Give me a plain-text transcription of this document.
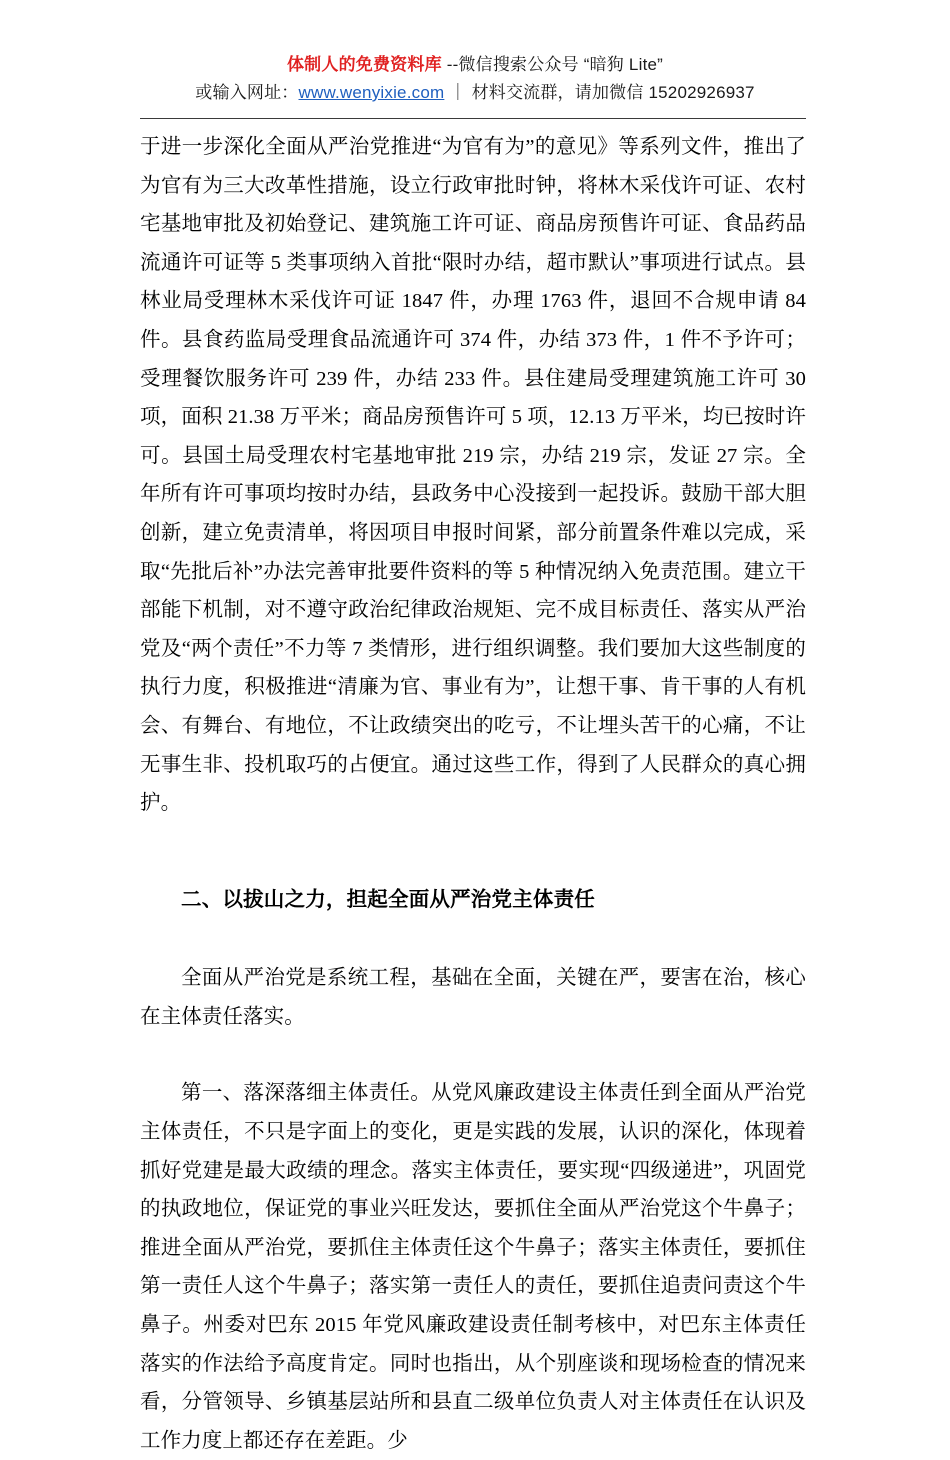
体制人的免费资料库 --微信搜索公众号 “暗狗 Lite”
或输入网址：www.wenyixie.com ｜ 材料交流群，请加微信 15202926937

于进一步深化全面从严治党推进“为官有为”的意见》等系列文件，推出了为官有为三大改革性措施，设立行政审批时钟，将林木采伐许可证、农村宅基地审批及初始登记、建筑施工许可证、商品房预售许可证、食品药品流通许可证等 5 类事项纳入首批“限时办结，超市默认”事项进行试点。县林业局受理林木采伐许可证 1847 件，办理 1763 件，退回不合规申请 84 件。县食药监局受理食品流通许可 374 件，办结 373 件，1 件不予许可；受理餐饮服务许可 239 件，办结 233 件。县住建局受理建筑施工许可 30 项，面积 21.38 万平米；商品房预售许可 5 项，12.13 万平米，均已按时许可。县国土局受理农村宅基地审批 219 宗，办结 219 宗，发证 27 宗。全年所有许可事项均按时办结，县政务中心没接到一起投诉。鼓励干部大胆创新，建立免责清单，将因项目申报时间紧，部分前置条件难以完成，采取“先批后补”办法完善审批要件资料的等 5 种情况纳入免责范围。建立干部能下机制，对不遵守政治纪律政治规矩、完不成目标责任、落实从严治党及“两个责任”不力等 7 类情形，进行组织调整。我们要加大这些制度的执行力度，积极推进“清廉为官、事业有为”，让想干事、肯干事的人有机会、有舞台、有地位，不让政绩突出的吃亏，不让埋头苦干的心痛，不让无事生非、投机取巧的占便宜。通过这些工作，得到了人民群众的真心拥护。

二、以拔山之力，担起全面从严治党主体责任

全面从严治党是系统工程，基础在全面，关键在严，要害在治，核心在主体责任落实。

第一、落深落细主体责任。从党风廉政建设主体责任到全面从严治党主体责任，不只是字面上的变化，更是实践的发展，认识的深化，体现着抓好党建是最大政绩的理念。落实主体责任，要实现“四级递进”，巩固党的执政地位，保证党的事业兴旺发达，要抓住全面从严治党这个牛鼻子；推进全面从严治党，要抓住主体责任这个牛鼻子；落实主体责任，要抓住第一责任人这个牛鼻子；落实第一责任人的责任，要抓住追责问责这个牛鼻子。州委对巴东 2015 年党风廉政建设责任制考核中，对巴东主体责任落实的作法给予高度肯定。同时也指出，从个别座谈和现场检查的情况来看，分管领导、乡镇基层站所和县直二级单位负责人对主体责任在认识及工作力度上都还存在差距。少
